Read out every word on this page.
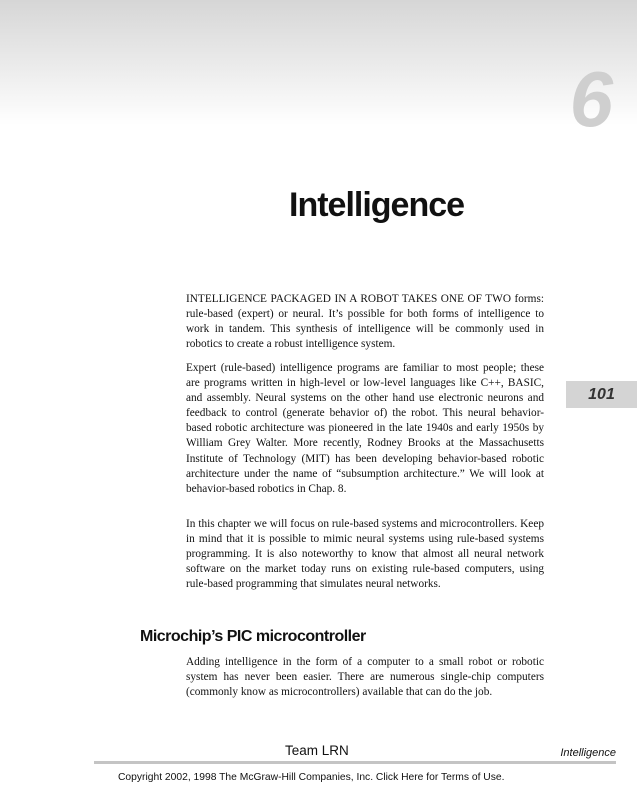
6
Intelligence
101

INTELLIGENCE PACKAGED IN A ROBOT TAKES ONE OF TWO forms: rule-based (expert) or neural. It’s possible for both forms of intelligence to work in tandem. This synthesis of intelligence will be commonly used in robotics to create a robust intelligence system.

Expert (rule-based) intelligence programs are familiar to most people; these are programs written in high-level or low-level languages like C++, BASIC, and assembly. Neural systems on the other hand use electronic neurons and feedback to control (generate behavior of) the robot. This neural behavior-based robotic architecture was pioneered in the late 1940s and early 1950s by William Grey Walter. More recently, Rodney Brooks at the Massachusetts Institute of Technology (MIT) has been developing behavior-based robotic architecture under the name of “subsumption architecture.” We will look at behavior-based robotics in Chap. 8.

In this chapter we will focus on rule-based systems and microcontrollers. Keep in mind that it is possible to mimic neural systems using rule-based systems programming. It is also noteworthy to know that almost all neural network software on the market today runs on existing rule-based computers, using rule-based programming that simulates neural networks.

Microchip’s PIC microcontroller

Adding intelligence in the form of a computer to a small robot or robotic system has never been easier. There are numerous single-chip computers (commonly know as microcontrollers) available that can do the job.

Team LRN	Intelligence
Copyright 2002, 1998 The McGraw-Hill Companies, Inc. Click Here for Terms of Use.
